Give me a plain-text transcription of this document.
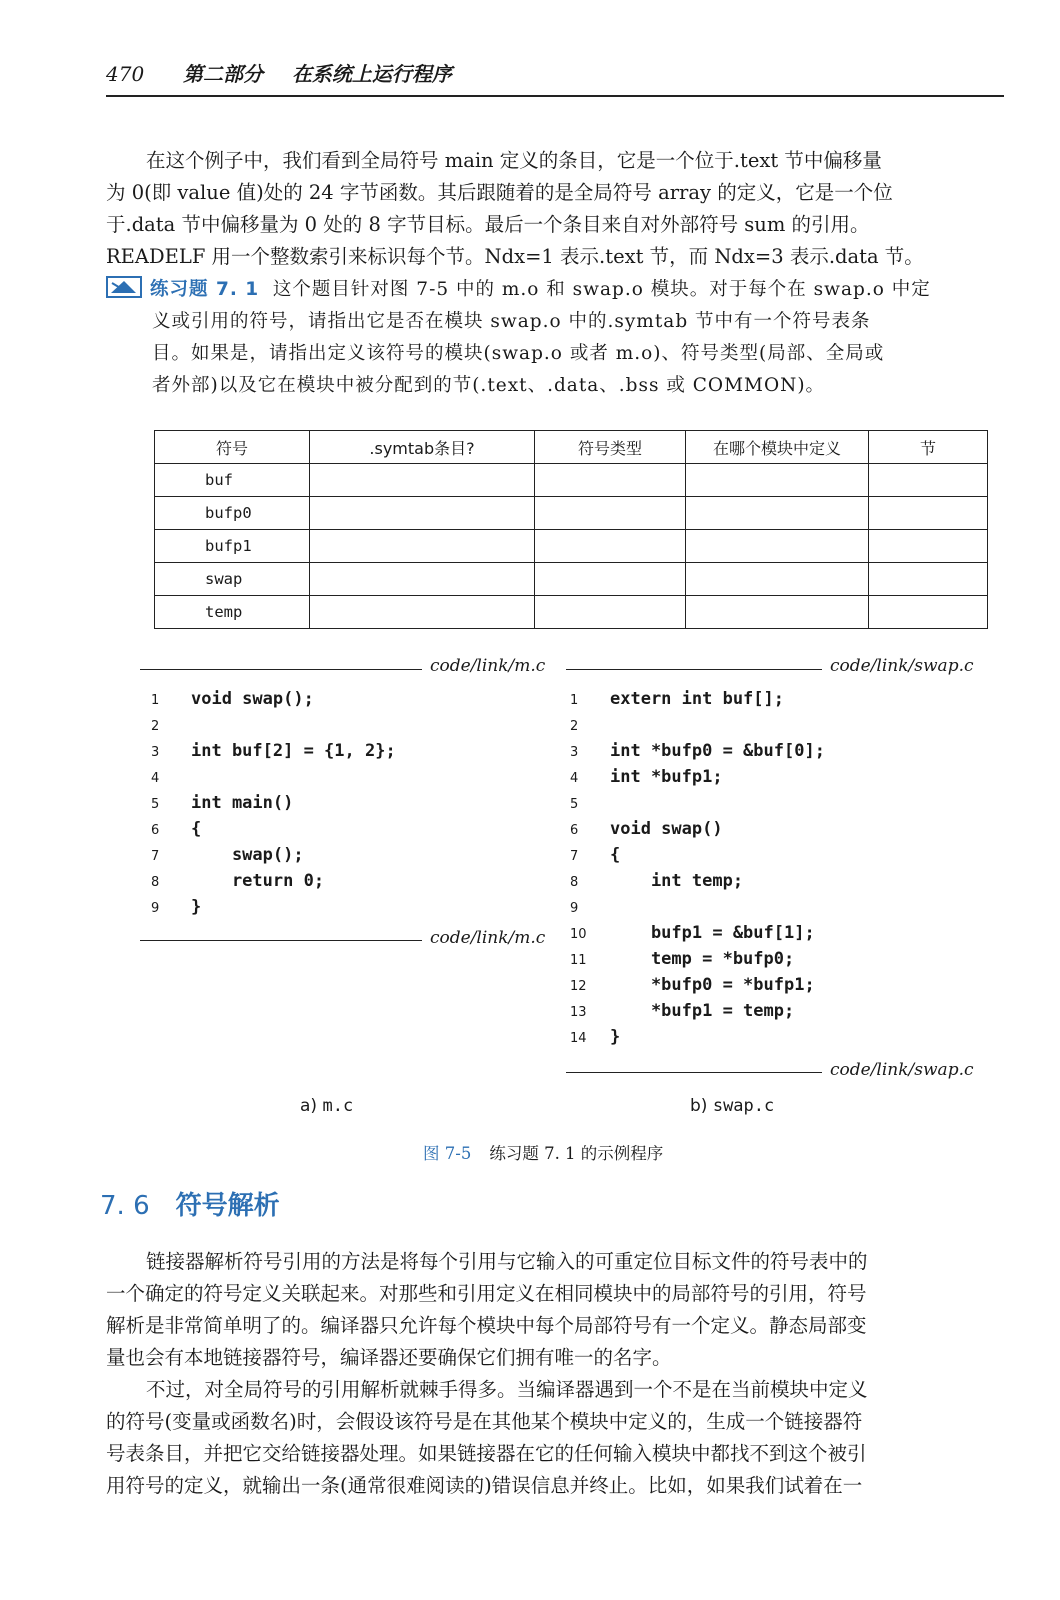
470 第二部分 在系统上运行程序
在这个例子中，我们看到全局符号 main 定义的条目，它是一个位于.text 节中偏移量
为 0(即 value 值)处的 24 字节函数。其后跟随着的是全局符号 array 的定义，它是一个位
于.data 节中偏移量为 0 处的 8 字节目标。最后一个条目来自对外部符号 sum 的引用。
READELF 用一个整数索引来标识每个节。Ndx=1 表示.text 节，而 Ndx=3 表示.data 节。
练习题 7. 1 这个题目针对图 7-5 中的 m.o 和 swap.o 模块。对于每个在 swap.o 中定
义或引用的符号，请指出它是否在模块 swap.o 中的.symtab 节中有一个符号表条
目。如果是，请指出定义该符号的模块(swap.o 或者 m.o)、符号类型(局部、全局或
者外部)以及它在模块中被分配到的节(.text、.data、.bss 或 COMMON)。
符号	.symtab条目?	符号类型	在哪个模块中定义	节
buf				
bufp0				
bufp1				
swap				
temp				
code/link/m.c
1 void swap();
2
3 int buf[2] = {1, 2};
4
5 int main()
6 {
7    swap();
8    return 0;
9 }
code/link/m.c
code/link/swap.c
1 extern int buf[];
2
3 int *bufp0 = &buf[0];
4 int *bufp1;
5
6 void swap()
7 {
8    int temp;
9
10    bufp1 = &buf[1];
11    temp = *bufp0;
12    *bufp0 = *bufp1;
13    *bufp1 = temp;
14 }
code/link/swap.c
a) m.c	b) swap.c
图 7-5 练习题 7. 1 的示例程序
7. 6 符号解析
链接器解析符号引用的方法是将每个引用与它输入的可重定位目标文件的符号表中的
一个确定的符号定义关联起来。对那些和引用定义在相同模块中的局部符号的引用，符号
解析是非常简单明了的。编译器只允许每个模块中每个局部符号有一个定义。静态局部变
量也会有本地链接器符号，编译器还要确保它们拥有唯一的名字。
不过，对全局符号的引用解析就棘手得多。当编译器遇到一个不是在当前模块中定义
的符号(变量或函数名)时，会假设该符号是在其他某个模块中定义的，生成一个链接器符
号表条目，并把它交给链接器处理。如果链接器在它的任何输入模块中都找不到这个被引
用符号的定义，就输出一条(通常很难阅读的)错误信息并终止。比如，如果我们试着在一
